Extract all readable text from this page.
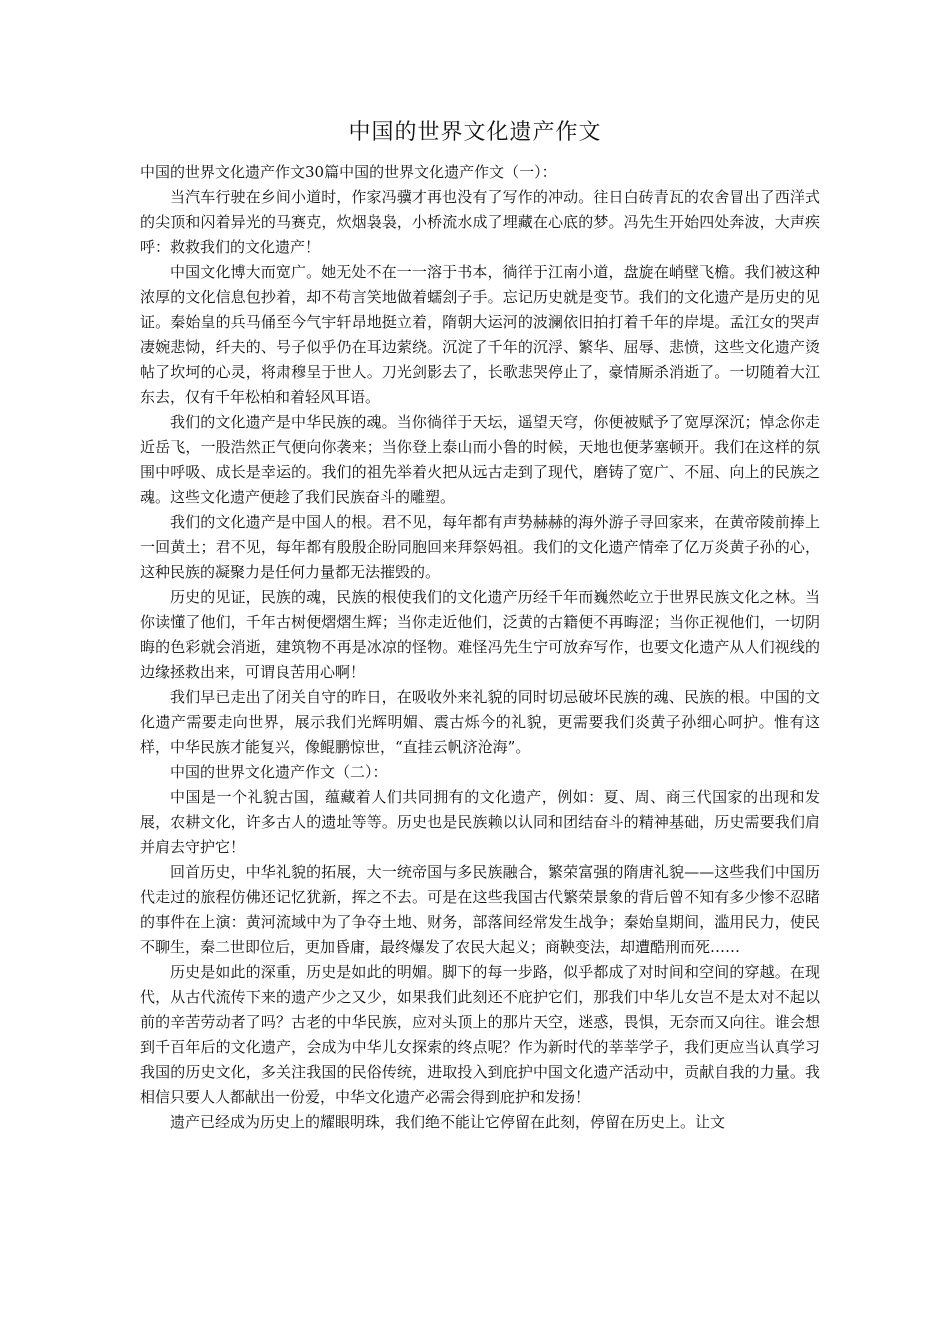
中国的世界文化遗产作文

中国的世界文化遗产作文30篇中国的世界文化遗产作文（一）：

当汽车行驶在乡间小道时，作家冯骥才再也没有了写作的冲动。往日白砖青瓦的农舍冒出了西洋式的尖顶和闪着异光的马赛克，炊烟袅袅，小桥流水成了埋藏在心底的梦。冯先生开始四处奔波，大声疾呼：救救我们的文化遗产！

中国文化博大而宽广。她无处不在一一溶于书本，徜徉于江南小道，盘旋在峭壁飞檐。我们被这种浓厚的文化信息包抄着，却不苟言笑地做着蠕刽子手。忘记历史就是变节。我们的文化遗产是历史的见证。秦始皇的兵马俑至今气宇轩昂地挺立着，隋朝大运河的波澜依旧拍打着千年的岸堤。孟江女的哭声凄婉悲恸，纤夫的、号子似乎仍在耳边萦绕。沉淀了千年的沉浮、繁华、屈辱、悲愤，这些文化遗产烫帖了坎坷的心灵，将肃穆呈于世人。刀光剑影去了，长歌悲哭停止了，豪情厮杀消逝了。一切随着大江东去，仅有千年松柏和着轻风耳语。

我们的文化遗产是中华民族的魂。当你徜徉于天坛，遥望天穹，你便被赋予了宽厚深沉；悼念你走近岳飞，一股浩然正气便向你袭来；当你登上泰山而小鲁的时候，天地也便茅塞顿开。我们在这样的氛围中呼吸、成长是幸运的。我们的祖先举着火把从远古走到了现代，磨铸了宽广、不屈、向上的民族之魂。这些文化遗产便趁了我们民族奋斗的雕塑。

我们的文化遗产是中国人的根。君不见，每年都有声势赫赫的海外游子寻回家来，在黄帝陵前捧上一回黄土；君不见，每年都有殷殷企盼同胞回来拜祭妈祖。我们的文化遗产情牵了亿万炎黄子孙的心，这种民族的凝聚力是任何力量都无法摧毁的。

历史的见证，民族的魂，民族的根使我们的文化遗产历经千年而巍然屹立于世界民族文化之林。当你读懂了他们，千年古树便熠熠生辉；当你走近他们，泛黄的古籍便不再晦涩；当你正视他们，一切阴晦的色彩就会消逝，建筑物不再是冰凉的怪物。难怪冯先生宁可放弃写作，也要文化遗产从人们视线的边缘拯救出来，可谓良苦用心啊！

我们早已走出了闭关自守的昨日，在吸收外来礼貌的同时切忌破坏民族的魂、民族的根。中国的文化遗产需要走向世界，展示我们光辉明媚、震古烁今的礼貌，更需要我们炎黄子孙细心呵护。惟有这样，中华民族才能复兴，像鲲鹏惊世，“直挂云帆济沧海”。

中国的世界文化遗产作文（二）：

中国是一个礼貌古国，蕴藏着人们共同拥有的文化遗产，例如：夏、周、商三代国家的出现和发展，农耕文化，许多古人的遗址等等。历史也是民族赖以认同和团结奋斗的精神基础，历史需要我们肩并肩去守护它！

回首历史，中华礼貌的拓展，大一统帝国与多民族融合，繁荣富强的隋唐礼貌——这些我们中国历代走过的旅程仿佛还记忆犹新，挥之不去。可是在这些我国古代繁荣景象的背后曾不知有多少惨不忍睹的事件在上演：黄河流域中为了争夺土地、财务，部落间经常发生战争；秦始皇期间，滥用民力，使民不聊生，秦二世即位后，更加昏庸，最终爆发了农民大起义；商鞅变法，却遭酷刑而死……

历史是如此的深重，历史是如此的明媚。脚下的每一步路，似乎都成了对时间和空间的穿越。在现代，从古代流传下来的遗产少之又少，如果我们此刻还不庇护它们，那我们中华儿女岂不是太对不起以前的辛苦劳动者了吗？古老的中华民族，应对头顶上的那片天空，迷惑，畏惧，无奈而又向往。谁会想到千百年后的文化遗产，会成为中华儿女探索的终点呢？作为新时代的莘莘学子，我们更应当认真学习我国的历史文化，多关注我国的民俗传统，进取投入到庇护中国文化遗产活动中，贡献自我的力量。我相信只要人人都献出一份爱，中华文化遗产必需会得到庇护和发扬！

遗产已经成为历史上的耀眼明珠，我们绝不能让它停留在此刻，停留在历史上。让文
